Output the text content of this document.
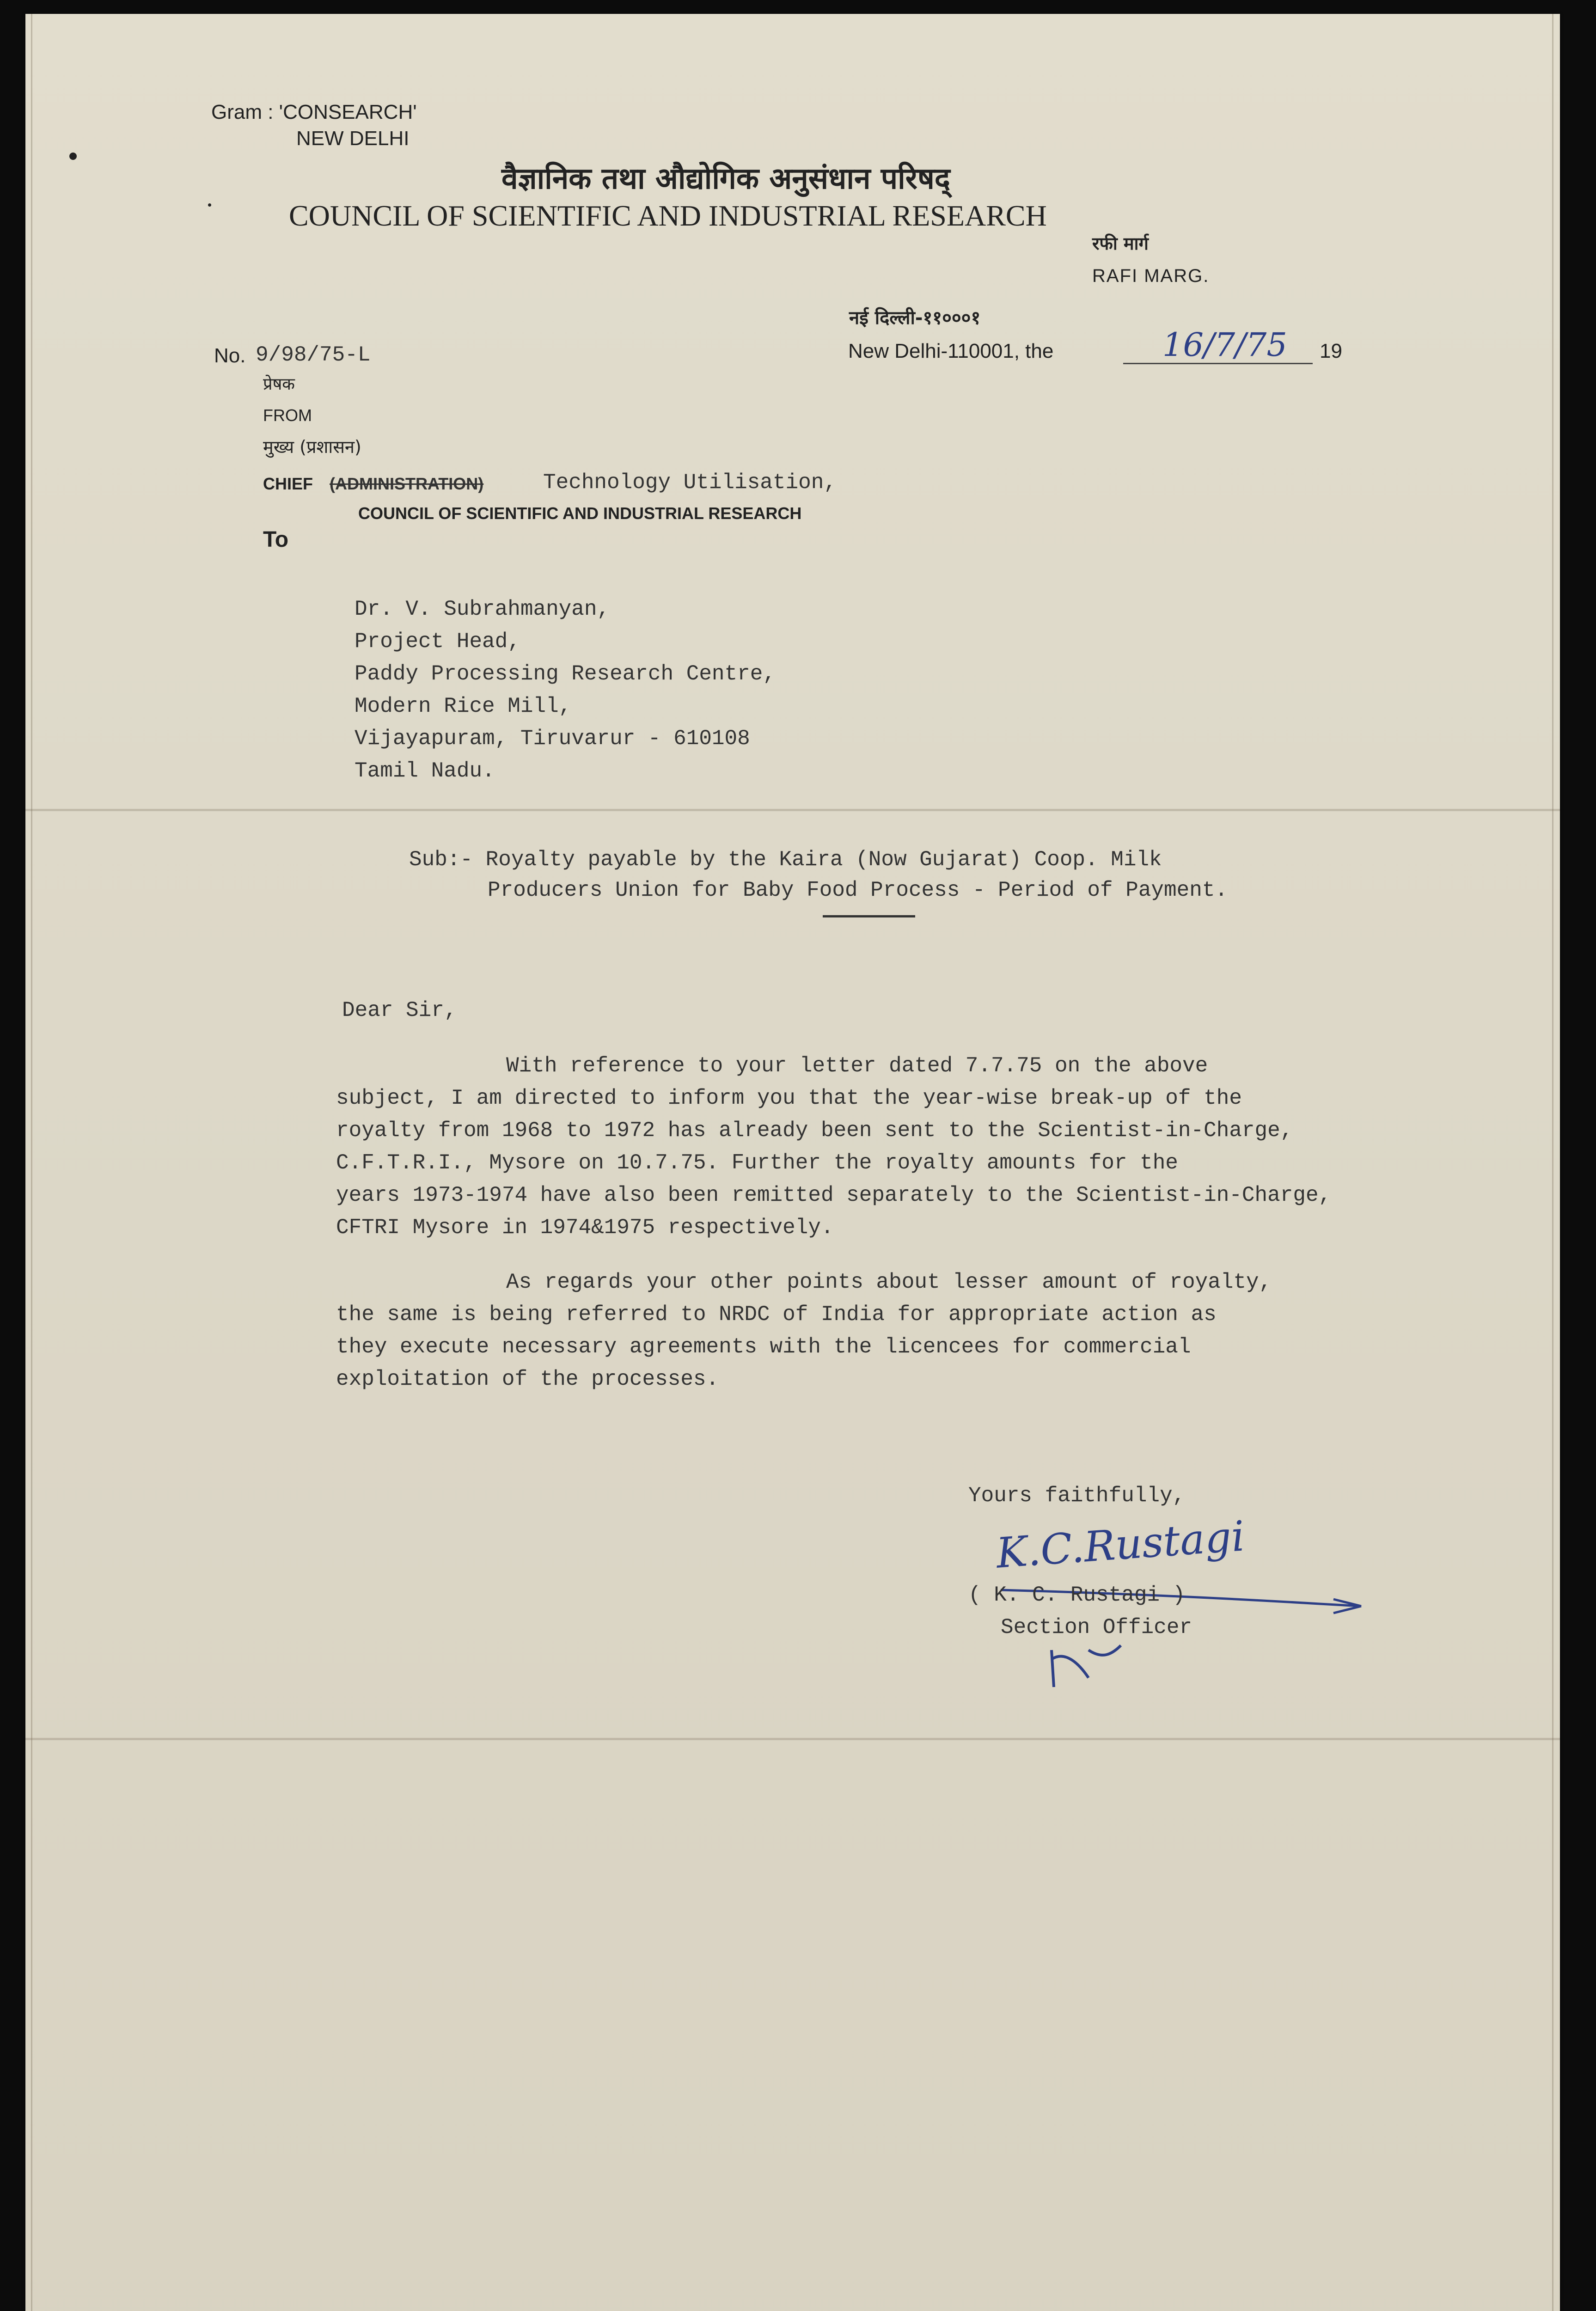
Gram : 'CONSEARCH'
NEW DELHI
वैज्ञानिक तथा औद्योगिक अनुसंधान परिषद्
COUNCIL OF SCIENTIFIC AND INDUSTRIAL RESEARCH
रफी मार्ग
RAFI MARG.
नई दिल्ली-११०००१
No. 9/98/75-L	New Delhi-110001, the	16/7/75 19
प्रेषक
FROM
मुख्य (प्रशासन)
CHIEF (ADMINISTRATION)	Technology Utilisation,
COUNCIL OF SCIENTIFIC AND INDUSTRIAL RESEARCH
To
Dr. V. Subrahmanyan,
Project Head,
Paddy Processing Research Centre,
Modern Rice Mill,
Vijayapuram, Tiruvarur - 610108
Tamil Nadu.
Sub:- Royalty payable by the Kaira (Now Gujarat) Coop. Milk
Producers Union for Baby Food Process - Period of Payment.
Dear Sir,
With reference to your letter dated 7.7.75 on the above
subject, I am directed to inform you that the year-wise break-up of the
royalty from 1968 to 1972 has already been sent to the Scientist-in-Charge,
C.F.T.R.I., Mysore on 10.7.75. Further the royalty amounts for the
years 1973-1974 have also been remitted separately to the Scientist-in-Charge,
CFTRI Mysore in 1974&1975 respectively.
As regards your other points about lesser amount of royalty,
the same is being referred to NRDC of India for appropriate action as
they execute necessary agreements with the licencees for commercial
exploitation of the processes.
Yours faithfully,
K.C.Rustagi
( K. C. Rustagi )
Section Officer
